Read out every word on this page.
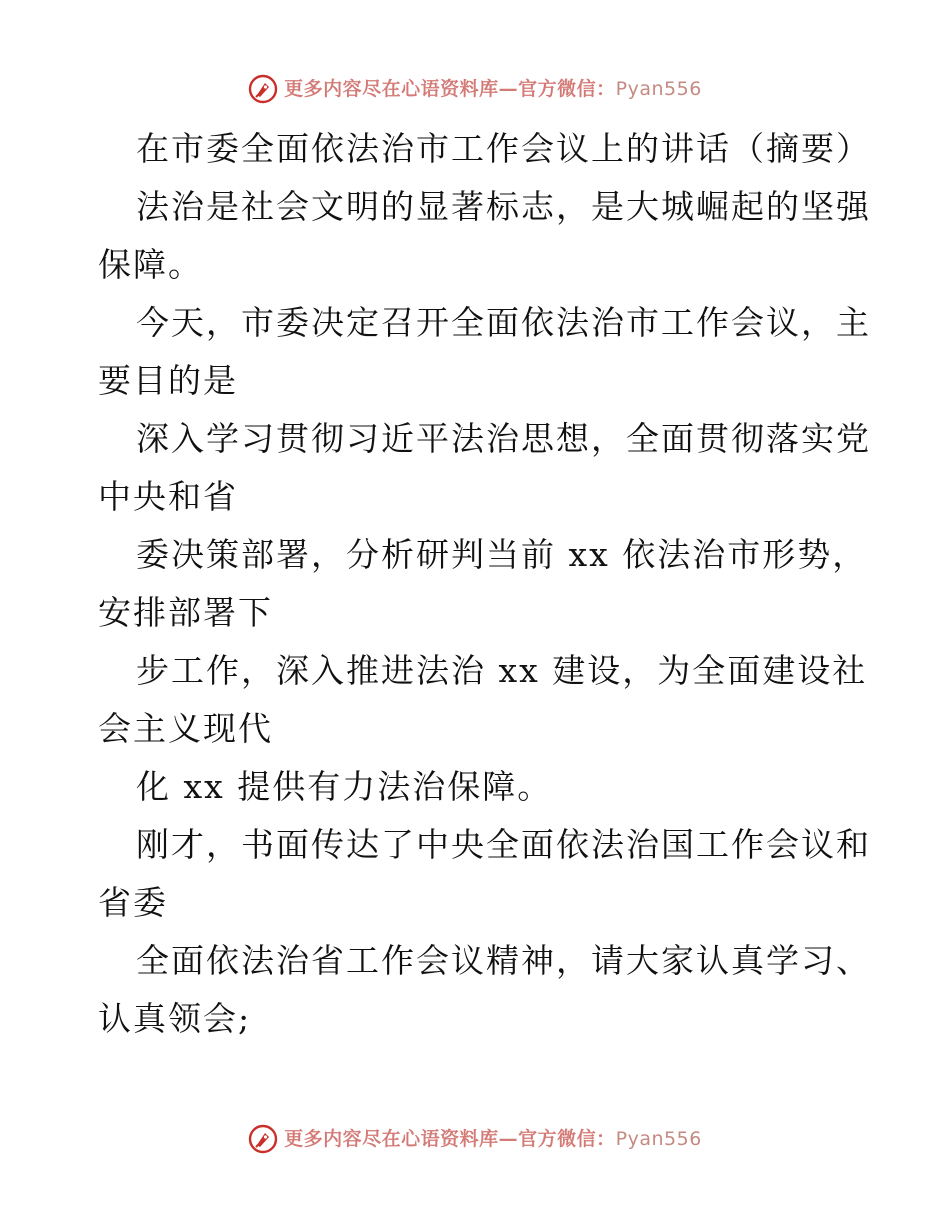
更多内容尽在心语资料库—官方微信：Pyan556
在市委全面依法治市工作会议上的讲话（摘要）
法治是社会文明的显著标志，是大城崛起的坚强
保障。
今天，市委决定召开全面依法治市工作会议，主
要目的是
深入学习贯彻习近平法治思想，全面贯彻落实党
中央和省
委决策部署，分析研判当前 xx 依法治市形势，
安排部署下
步工作，深入推进法治 xx 建设，为全面建设社
会主义现代
化 xx 提供有力法治保障。
刚才，书面传达了中央全面依法治国工作会议和
省委
全面依法治省工作会议精神，请大家认真学习、
认真领会;
更多内容尽在心语资料库—官方微信：Pyan556
